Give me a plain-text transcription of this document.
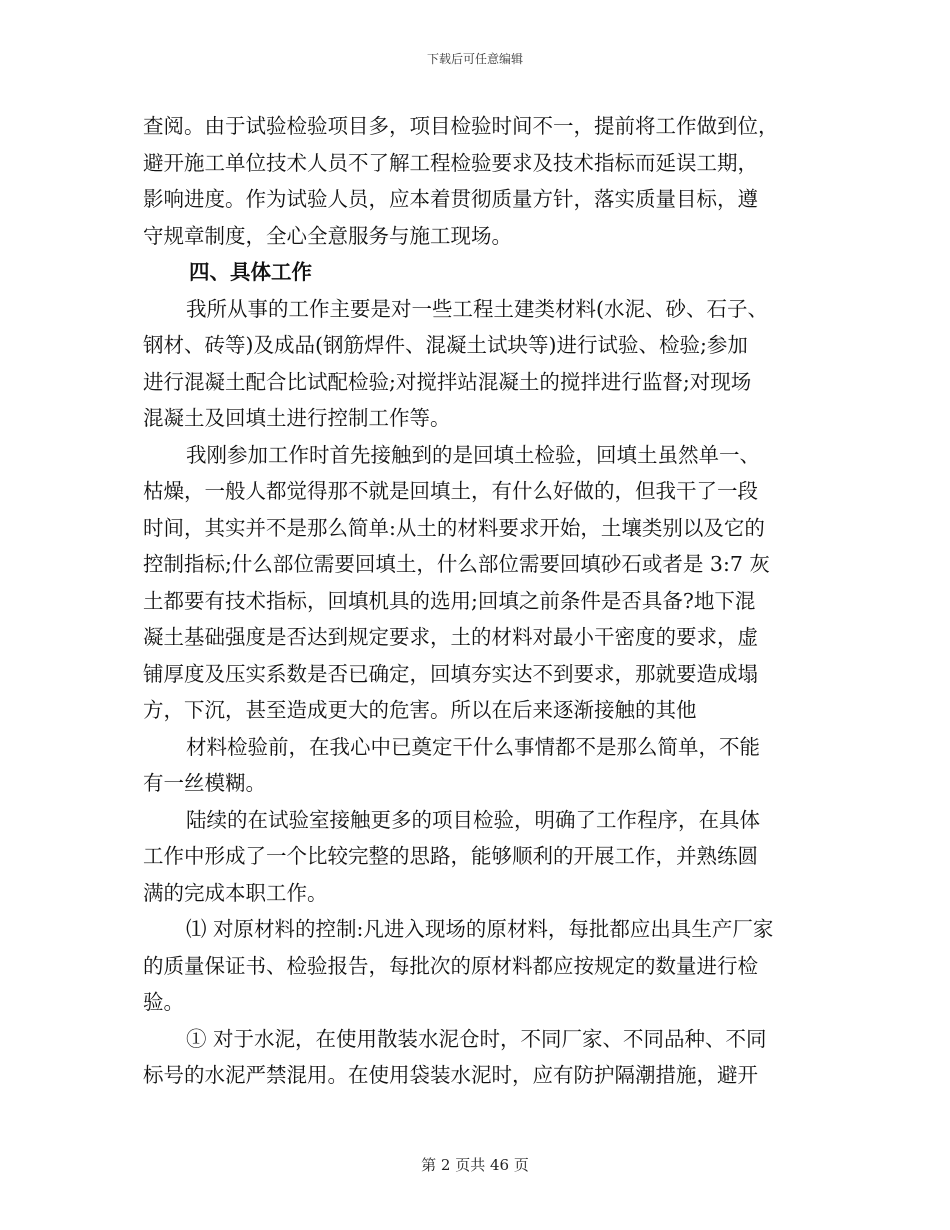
下载后可任意编辑
查阅。由于试验检验项目多，项目检验时间不一，提前将工作做到位，
避开施工单位技术人员不了解工程检验要求及技术指标而延误工期，
影响进度。作为试验人员，应本着贯彻质量方针，落实质量目标，遵
守规章制度，全心全意服务与施工现场。
四、具体工作
我所从事的工作主要是对一些工程土建类材料(水泥、砂、石子、
钢材、砖等)及成品(钢筋焊件、混凝土试块等)进行试验、检验;参加
进行混凝土配合比试配检验;对搅拌站混凝土的搅拌进行监督;对现场
混凝土及回填土进行控制工作等。
我刚参加工作时首先接触到的是回填土检验，回填土虽然单一、
枯燥，一般人都觉得那不就是回填土，有什么好做的，但我干了一段
时间，其实并不是那么简单:从土的材料要求开始，土壤类别以及它的
控制指标;什么部位需要回填土，什么部位需要回填砂石或者是 3:7 灰
土都要有技术指标，回填机具的选用;回填之前条件是否具备?地下混
凝土基础强度是否达到规定要求，土的材料对最小干密度的要求，虚
铺厚度及压实系数是否已确定，回填夯实达不到要求，那就要造成塌
方，下沉，甚至造成更大的危害。所以在后来逐渐接触的其他
材料检验前，在我心中已奠定干什么事情都不是那么简单，不能
有一丝模糊。
陆续的在试验室接触更多的项目检验，明确了工作程序，在具体
工作中形成了一个比较完整的思路，能够顺利的开展工作，并熟练圆
满的完成本职工作。
⑴ 对原材料的控制:凡进入现场的原材料，每批都应出具生产厂家
的质量保证书、检验报告，每批次的原材料都应按规定的数量进行检
验。
① 对于水泥，在使用散装水泥仓时，不同厂家、不同品种、不同
标号的水泥严禁混用。在使用袋装水泥时，应有防护隔潮措施，避开
第 2 页共 46 页
